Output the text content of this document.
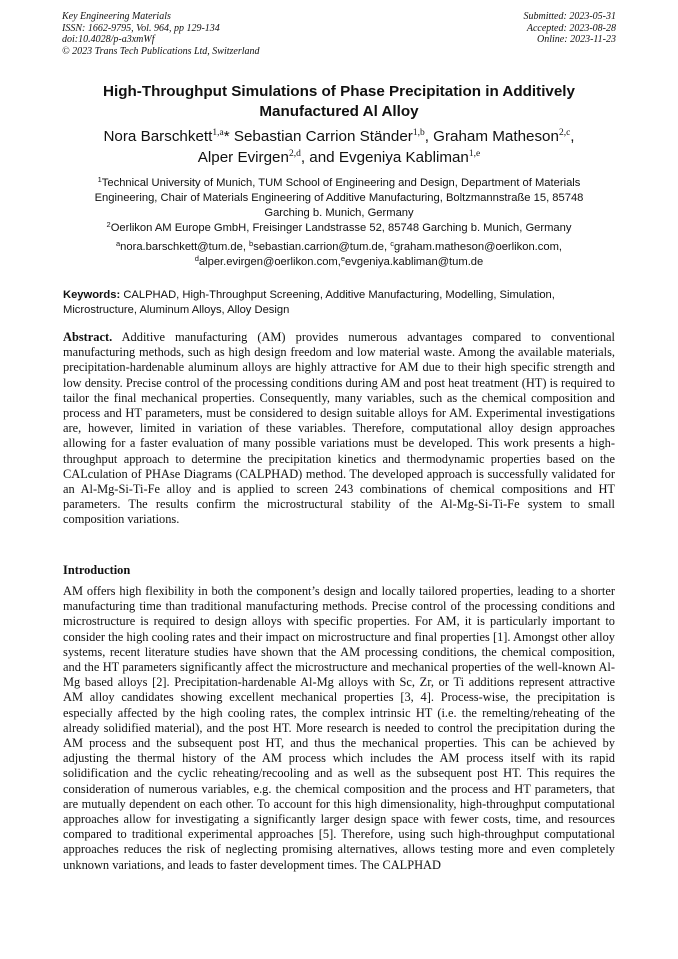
Key Engineering Materials
ISSN: 1662-9795, Vol. 964, pp 129-134
doi:10.4028/p-a3xmWf
© 2023 Trans Tech Publications Ltd, Switzerland
Submitted: 2023-05-31
Accepted: 2023-08-28
Online: 2023-11-23
High-Throughput Simulations of Phase Precipitation in Additively
Manufactured Al Alloy
Nora Barschkett$^{1,a}$* Sebastian Carrion Ständer$^{1,b}$, Graham Matheson$^{2,c}$,
Alper Evirgen$^{2,d}$, and Evgeniya Kabliman$^{1,e}$

$^1$Technical University of Munich, TUM School of Engineering and Design, Department of Materials

Engineering, Chair of Materials Engineering of Additive Manufacturing, Boltzmannstraße 15, 85748

Garching b. Munich, Germany

$^2$Oerlikon AM Europe GmbH, Freisinger Landstrasse 52, 85748 Garching b. Munich, Germany

$^a$nora.barschkett@tum.de, $^b$sebastian.carrion@tum.de, $^c$graham.matheson@oerlikon.com,

$^d$alper.evirgen@oerlikon.com,$^e$evgeniya.kabliman@tum.de

Keywords: CALPHAD, High-Throughput Screening, Additive Manufacturing, Modelling, Simulation, Microstructure, Aluminum Alloys, Alloy Design
Abstract. Additive manufacturing (AM) provides numerous advantages compared to conventional manufacturing methods, such as high design freedom and low material waste. Among the available materials, precipitation-hardenable aluminum alloys are highly attractive for AM due to their high specific strength and low density. Precise control of the processing conditions during AM and post heat treatment (HT) is required to tailor the final mechanical properties. Consequently, many variables, such as the chemical composition and process and HT parameters, must be considered to design suitable alloys for AM. Experimental investigations are, however, limited in variation of these variables. Therefore, computational alloy design approaches allowing for a faster evaluation of many possible variations must be developed. This work presents a high-throughput approach to determine the precipitation kinetics and thermodynamic properties based on the CALculation of PHAse Diagrams (CALPHAD) method. The developed approach is successfully validated for an Al-Mg-Si-Ti-Fe alloy and is applied to screen 243 combinations of chemical compositions and HT parameters. The results confirm the microstructural stability of the Al-Mg-Si-Ti-Fe system to small composition variations.
Introduction
AM offers high flexibility in both the component’s design and locally tailored properties, leading to a shorter manufacturing time than traditional manufacturing methods. Precise control of the processing conditions and microstructure is required to design alloys with specific properties. For AM, it is particularly important to consider the high cooling rates and their impact on microstructure and final properties [1]. Amongst other alloy systems, recent literature studies have shown that the AM processing conditions, the chemical composition, and the HT parameters significantly affect the microstructure and mechanical properties of the well-known Al-Mg based alloys [2]. Precipitation-hardenable Al-Mg alloys with Sc, Zr, or Ti additions represent attractive AM alloy candidates showing excellent mechanical properties [3, 4]. Process-wise, the precipitation is especially affected by the high cooling rates, the complex intrinsic HT (i.e. the remelting/reheating of the already solidified material), and the post HT. More research is needed to control the precipitation during the AM process and the subsequent post HT, and thus the mechanical properties. This can be achieved by adjusting the thermal history of the AM process which includes the AM process itself with its rapid solidification and the cyclic reheating/recooling and as well as the subsequent post HT. This requires the consideration of numerous variables, e.g. the chemical composition and the process and HT parameters, that are mutually dependent on each other. To account for this high dimensionality, high-throughput computational approaches allow for investigating a significantly larger design space with fewer costs, time, and resources compared to traditional experimental approaches [5]. Therefore, using such high-throughput computational approaches reduces the risk of neglecting promising alternatives, allows testing more and even completely unknown variations, and leads to faster development times. The CALPHAD
